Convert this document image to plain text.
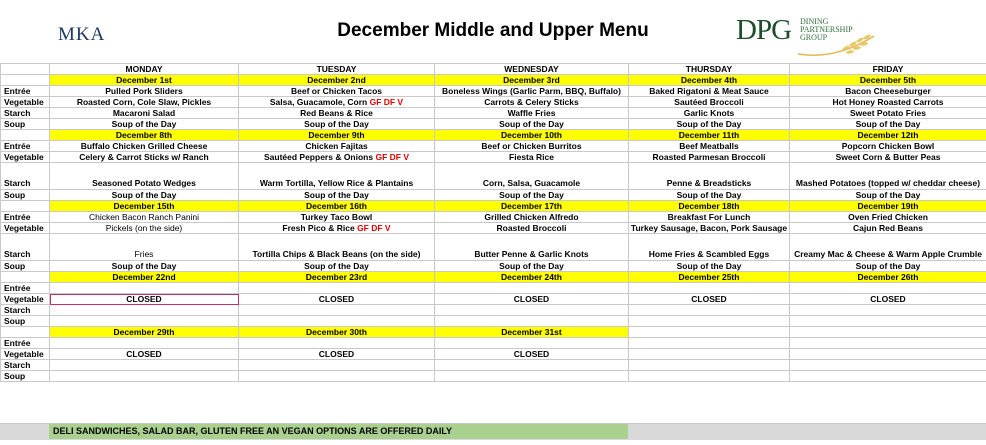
MKA	December Middle and Upper Menu	DPG DINING
PARTNERSHIP
GROUP
	MONDAY	TUESDAY	WEDNESDAY	THURSDAY	FRIDAY
	December 1st	December 2nd	December 3rd	December 4th	December 5th
Entrée	Pulled Pork Sliders	Beef or Chicken Tacos	Boneless Wings (Garlic Parm, BBQ, Buffalo)	Baked Rigatoni & Meat Sauce	Bacon Cheeseburger
Vegetable	Roasted Corn, Cole Slaw, Pickles	Salsa, Guacamole, Corn GF DF V	Carrots & Celery Sticks	Sautéed Broccoli	Hot Honey Roasted Carrots
Starch	Macaroni Salad	Red Beans & Rice	Waffle Fries	Garlic Knots	Sweet Potato Fries
Soup	Soup of the Day	Soup of the Day	Soup of the Day	Soup of the Day	Soup of the Day
	December 8th	December 9th	December 10th	December 11th	December 12th
Entrée	Buffalo Chicken Grilled Cheese	Chicken Fajitas	Beef or Chicken Burritos	Beef Meatballs	Popcorn Chicken Bowl
Vegetable	Celery & Carrot Sticks w/ Ranch	Sautéed Peppers & Onions GF DF V	Fiesta Rice	Roasted Parmesan Broccoli	Sweet Corn & Butter Peas
Starch	Seasoned Potato Wedges	Warm Tortilla, Yellow Rice & Plantains	Corn, Salsa, Guacamole	Penne & Breadsticks	Mashed Potatoes (topped w/ cheddar cheese)
Soup	Soup of the Day	Soup of the Day	Soup of the Day	Soup of the Day	Soup of the Day
	December 15th	December 16th	December 17th	December 18th	December 19th
Entrée	Chicken Bacon Ranch Panini	Turkey Taco Bowl	Grilled Chicken Alfredo	Breakfast For Lunch	Oven Fried Chicken
Vegetable	Pickels (on the side)	Fresh Pico & Rice GF DF V	Roasted Broccoli	Turkey Sausage, Bacon, Pork Sausage	Cajun Red Beans
Starch	Fries	Tortilla Chips & Black Beans (on the side)	Butter Penne & Garlic Knots	Home Fries & Scambled Eggs	Creamy Mac & Cheese & Warm Apple Crumble
Soup	Soup of the Day	Soup of the Day	Soup of the Day	Soup of the Day	Soup of the Day
	December 22nd	December 23rd	December 24th	December 25th	December 26th
Entrée					
Vegetable	CLOSED	CLOSED	CLOSED	CLOSED	CLOSED
Starch					
Soup					
	December 29th	December 30th	December 31st		
Entrée					
Vegetable	CLOSED	CLOSED	CLOSED		
Starch					
Soup					
DELI SANDWICHES, SALAD BAR, GLUTEN FREE AN VEGAN OPTIONS ARE OFFERED DAILY
